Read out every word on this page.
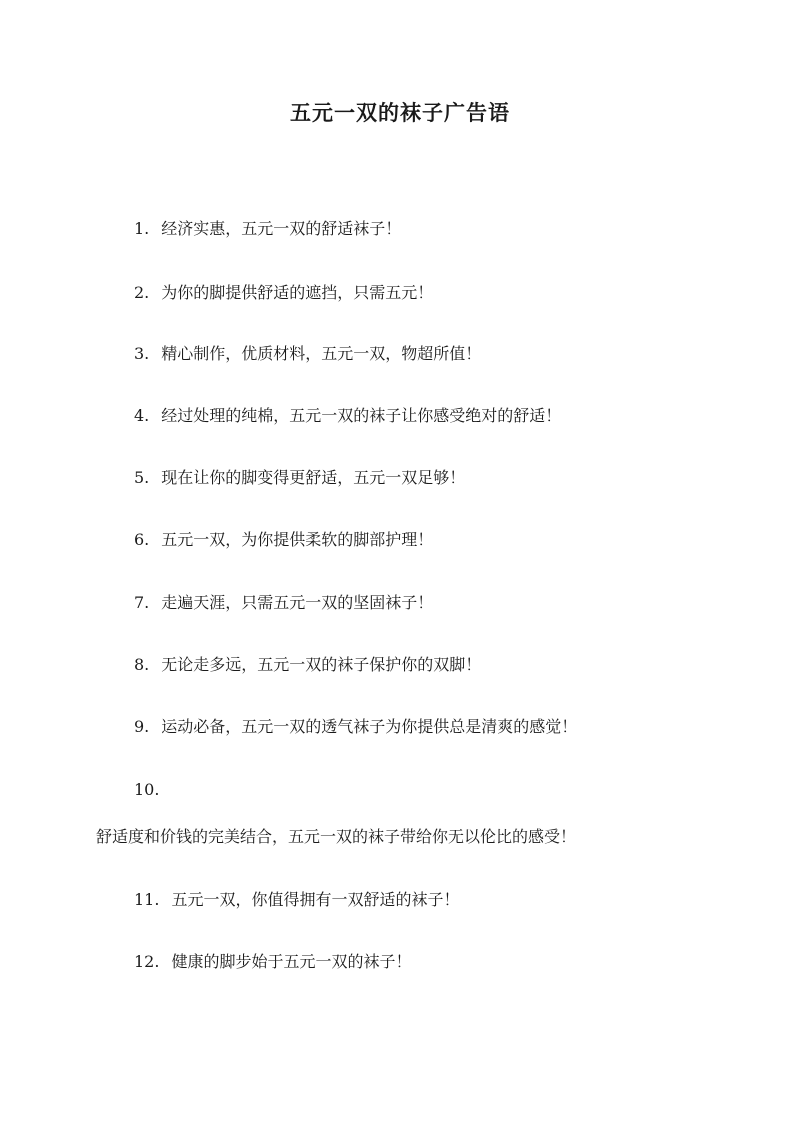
五元一双的袜子广告语
1. 经济实惠，五元一双的舒适袜子！
2. 为你的脚提供舒适的遮挡，只需五元！
3. 精心制作，优质材料，五元一双，物超所值！
4. 经过处理的纯棉，五元一双的袜子让你感受绝对的舒适！
5. 现在让你的脚变得更舒适，五元一双足够！
6. 五元一双，为你提供柔软的脚部护理！
7. 走遍天涯，只需五元一双的坚固袜子！
8. 无论走多远，五元一双的袜子保护你的双脚！
9. 运动必备，五元一双的透气袜子为你提供总是清爽的感觉！
10.
舒适度和价钱的完美结合，五元一双的袜子带给你无以伦比的感受！
11. 五元一双，你值得拥有一双舒适的袜子！
12. 健康的脚步始于五元一双的袜子！
